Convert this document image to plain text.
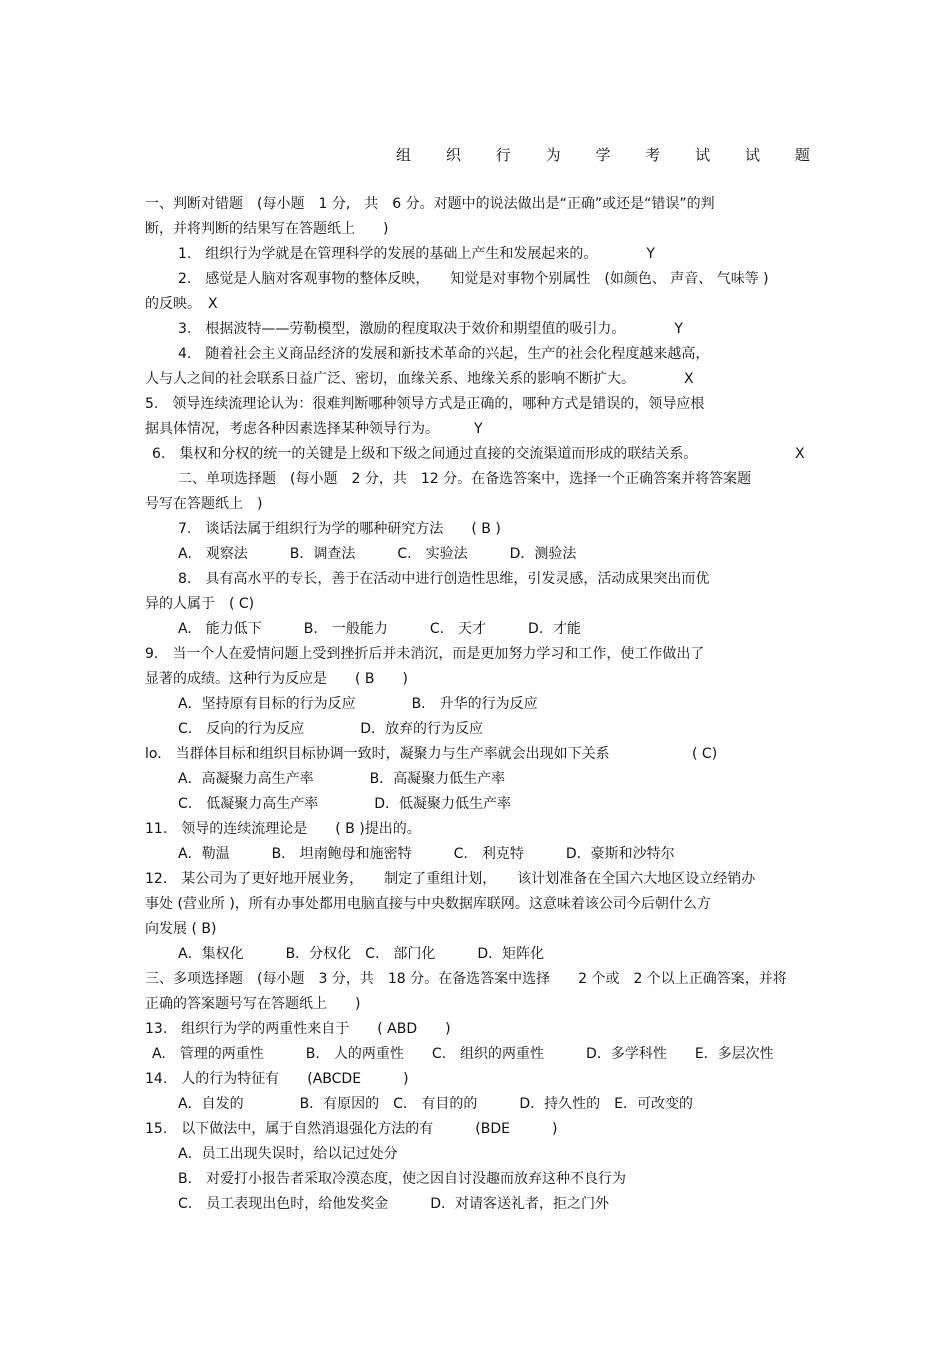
组 织 行 为 学 考 试 试 题
一、判断对错题　(每小题　1 分,　共　6 分。对题中的说法做出是“正确”或还是“错误”的判
断，并将判断的结果写在答题纸上　　)
1.　组织行为学就是在管理科学的发展的基础上产生和发展起来的。　　　　Y
2.　感觉是人脑对客观事物的整体反映，　　知觉是对事物个别属性　(如颜色、 声音、 气味等 )
的反映。　X
3.　根据波特——劳勒模型，激励的程度取决于效价和期望值的吸引力。　　　　Y
4.　随着社会主义商品经济的发展和新技术革命的兴起，生产的社会化程度越来越高，
人与人之间的社会联系日益广泛、密切，血缘关系、地缘关系的影响不断扩大。　　　　X
5.　领导连续流理论认为：很难判断哪种领导方式是正确的，哪种方式是错误的，领导应根
据具体情况，考虑各种因素选择某种领导行为。　　　Y
6.　集权和分权的统一的关键是上级和下级之间通过直接的交流渠道而形成的联结关系。	X
二、单项选择题　(每小题　2 分，共　12 分。在备选答案中，选择一个正确答案并将答案题
号写在答题纸上　)
7.　谈话法属于组织行为学的哪种研究方法　　( B )
A.　观察法　　　B．调查法　　　C.　实验法　　　D．测验法
8.　具有高水平的专长，善于在活动中进行创造性思维，引发灵感，活动成果突出而优
异的人属于　( C)
A.　能力低下　　　B.　一般能力　　　C.　天才　　　D．才能
9.　当一个人在爱情问题上受到挫折后并未消沉，而是更加努力学习和工作，使工作做出了
显著的成绩。这种行为反应是　　( B　　)
A．坚持原有目标的行为反应　　　　B.　升华的行为反应
C.　反向的行为反应　　　　D．放弃的行为反应
lo.　当群体目标和组织目标协调一致时，凝聚力与生产率就会出现如下关系	( C)
A．高凝聚力高生产率　　　　B．高凝聚力低生产率
C.　低凝聚力高生产率　　　　D．低凝聚力低生产率
11.　领导的连续流理论是　　( B )提出的。
A．勒温　　　B.　坦南鲍母和施密特　　　C.　利克特　　　D．豪斯和沙特尔
12.　某公司为了更好地开展业务，　　制定了重组计划，　　该计划准备在全国六大地区设立经销办
事处 (营业所 )，所有办事处都用电脑直接与中央数据库联网。这意味着该公司今后朝什么方
向发展 ( B)
A．集权化　　　B．分权化　C.　部门化　　　D．矩阵化
三、多项选择题　(每小题　3 分，共　18 分。在备选答案中选择　　2 个或　2 个以上正确答案，并将
正确的答案题号写在答题纸上　　)
13.　组织行为学的两重性来自于　　( ABD　　)
A.　管理的两重性　　　B.　人的两重性　　C.　组织的两重性　　　D．多学科性　　E．多层次性
14.　人的行为特征有　　(ABCDE　　　)
A．自发的　　　　B．有原因的　C.　有目的的　　　D．持久性的　E．可改变的
15.　以下做法中，属于自然消退强化方法的有　　　(BDE　　　)
A．员工出现失误时，给以记过处分
B.　对爱打小报告者采取冷漠态度，使之因自讨没趣而放弃这种不良行为
C.　员工表现出色时，给他发奖金　　　D．对请客送礼者，拒之门外
